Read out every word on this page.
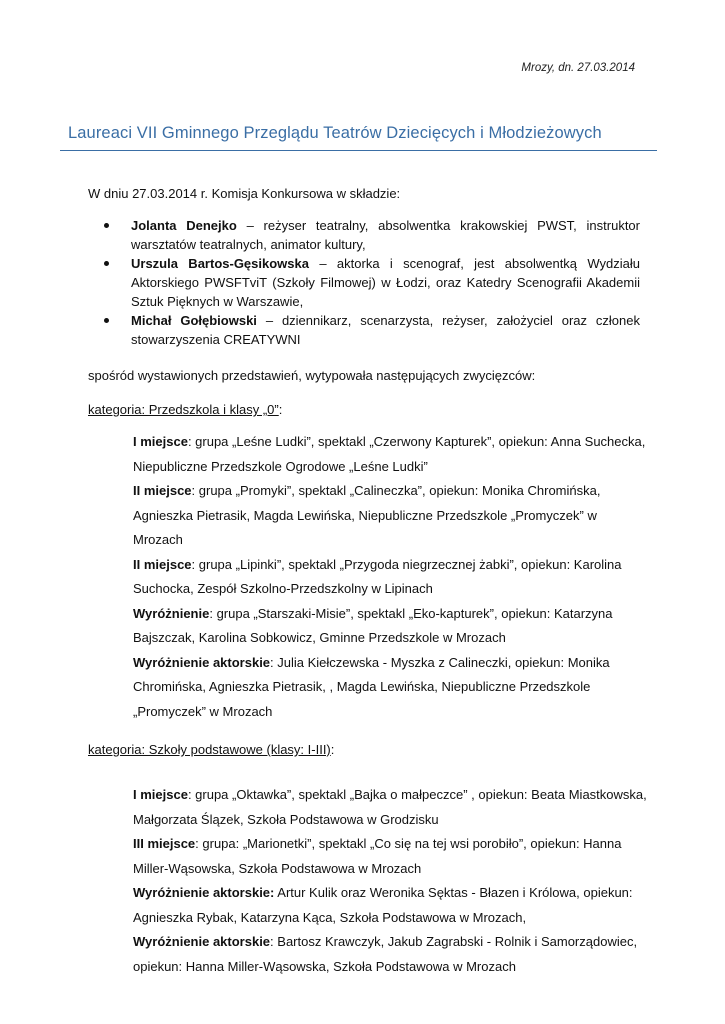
Mrozy, dn. 27.03.2014
Laureaci VII Gminnego Przeglądu Teatrów Dziecięcych i Młodzieżowych
W dniu 27.03.2014 r. Komisja Konkursowa w składzie:
Jolanta Denejko – reżyser teatralny, absolwentka krakowskiej PWST, instruktor warsztatów teatralnych, animator kultury,
Urszula Bartos-Gęsikowska – aktorka i scenograf, jest absolwentką Wydziału Aktorskiego PWSFTviT (Szkoły Filmowej) w Łodzi, oraz Katedry Scenografii Akademii Sztuk Pięknych w Warszawie,
Michał Gołębiowski – dziennikarz, scenarzysta, reżyser, założyciel oraz członek stowarzyszenia CREATYWNI
spośród wystawionych przedstawień, wytypowała następujących zwycięzców:
kategoria: Przedszkola i klasy „0”:
I miejsce: grupa „Leśne Ludki”, spektakl „Czerwony Kapturek”, opiekun: Anna Suchecka, Niepubliczne Przedszkole Ogrodowe „Leśne Ludki”
II miejsce: grupa „Promyki”, spektakl „Calineczka”, opiekun: Monika Chromińska, Agnieszka Pietrasik, Magda Lewińska, Niepubliczne Przedszkole „Promyczek” w Mrozach
II miejsce: grupa „Lipinki”, spektakl „Przygoda niegrzecznej żabki”, opiekun: Karolina Suchocka, Zespół Szkolno-Przedszkolny w Lipinach
Wyróżnienie: grupa „Starszaki-Misie”, spektakl „Eko-kapturek”, opiekun: Katarzyna Bajszczak, Karolina Sobkowicz, Gminne Przedszkole w Mrozach
Wyróżnienie aktorskie: Julia Kiełczewska - Myszka z Calineczki, opiekun: Monika Chromińska, Agnieszka Pietrasik, , Magda Lewińska, Niepubliczne Przedszkole „Promyczek” w Mrozach
kategoria: Szkoły podstawowe (klasy: I-III):
I miejsce: grupa „Oktawka”, spektakl „Bajka o małpeczce” , opiekun: Beata Miastkowska, Małgorzata Ślązek, Szkoła Podstawowa w Grodzisku
III miejsce: grupa: „Marionetki”, spektakl „Co się na tej wsi porobiło”, opiekun: Hanna Miller-Wąsowska, Szkoła Podstawowa w Mrozach
Wyróżnienie aktorskie: Artur Kulik oraz Weronika Sęktas - Błazen i Królowa, opiekun: Agnieszka Rybak, Katarzyna Kąca, Szkoła Podstawowa w Mrozach,
Wyróżnienie aktorskie: Bartosz Krawczyk, Jakub Zagrabski - Rolnik i Samorządowiec, opiekun: Hanna Miller-Wąsowska, Szkoła Podstawowa w Mrozach
